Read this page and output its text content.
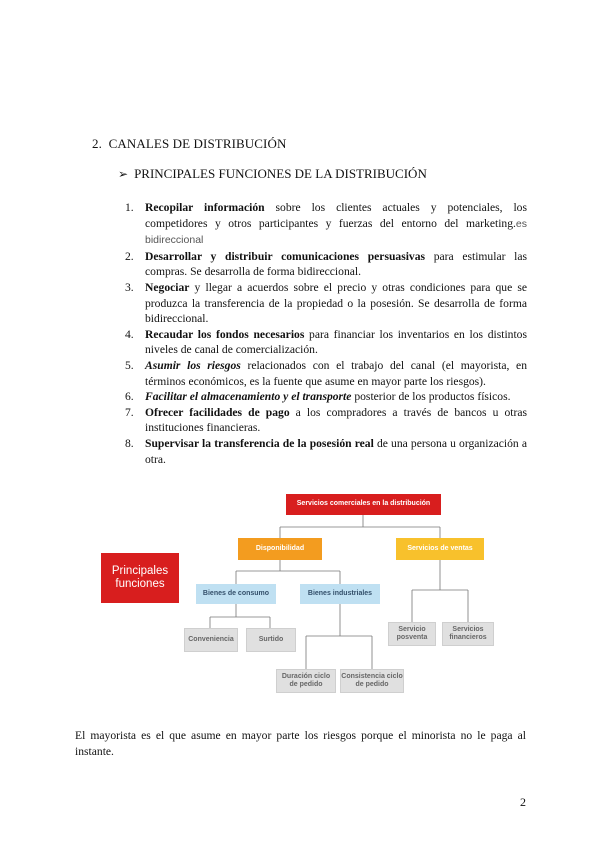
2. CANALES DE DISTRIBUCIÓN
➢ PRINCIPALES FUNCIONES DE LA DISTRIBUCIÓN
1. Recopilar información sobre los clientes actuales y potenciales, los competidores y otros participantes y fuerzas del entorno del marketing.es bidireccional
2. Desarrollar y distribuir comunicaciones persuasivas para estimular las compras. Se desarrolla de forma bidireccional.
3. Negociar y llegar a acuerdos sobre el precio y otras condiciones para que se produzca la transferencia de la propiedad o la posesión. Se desarrolla de forma bidireccional.
4. Recaudar los fondos necesarios para financiar los inventarios en los distintos niveles de canal de comercialización.
5. Asumir los riesgos relacionados con el trabajo del canal (el mayorista, en términos económicos, es la fuente que asume en mayor parte los riesgos).
6. Facilitar el almacenamiento y el transporte posterior de los productos físicos.
7. Ofrecer facilidades de pago a los compradores a través de bancos u otras instituciones financieras.
8. Supervisar la transferencia de la posesión real de una persona u organización a otra.
Principales funciones
Servicios comerciales en la distribución
Disponibilidad	Servicios de ventas
Bienes de consumo	Bienes industriales
Conveniencia	Surtido
Duración ciclo de pedido
Consistencia ciclo de pedido
Servicio posventa
Servicios financieros

El mayorista es el que asume en mayor parte los riesgos porque el minorista no le paga al instante.

2
